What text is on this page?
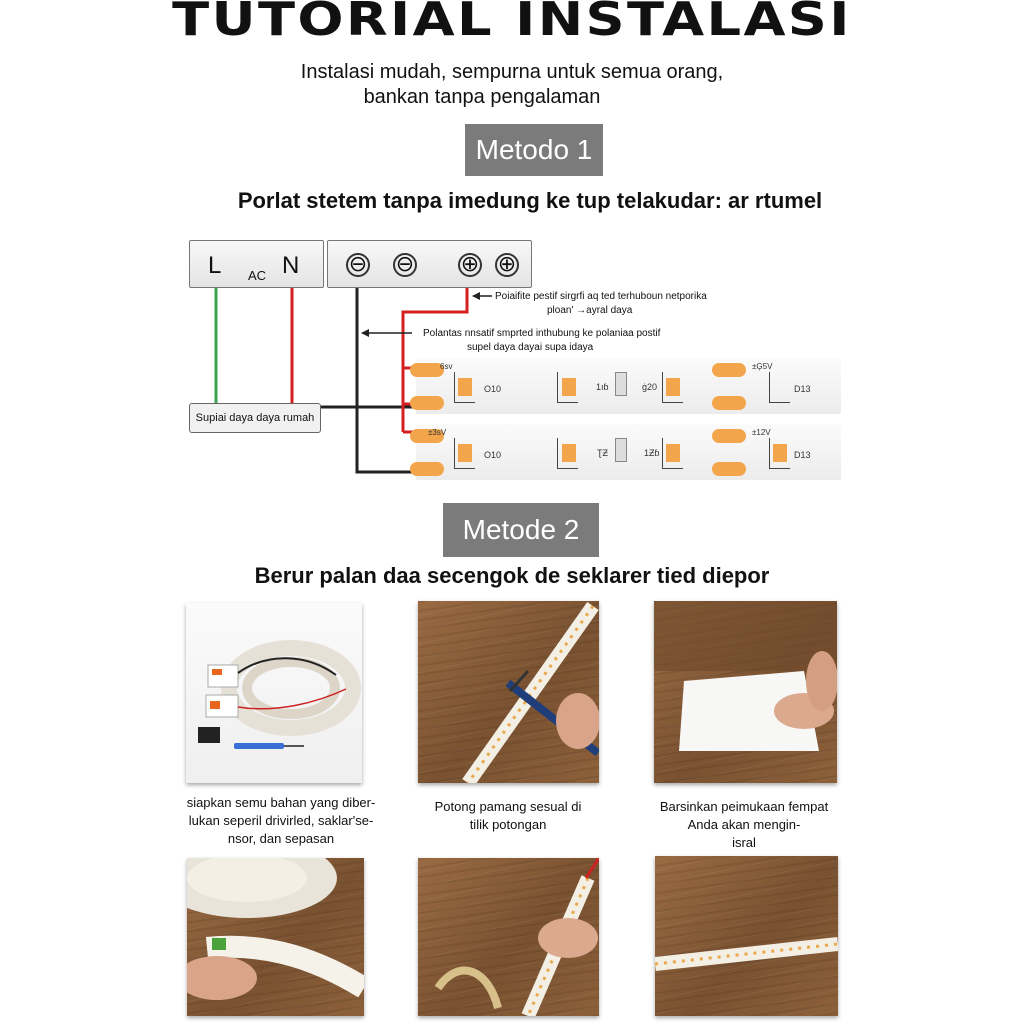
TUTORIAL INSTALASI
Instalasi mudah, sempurna untuk semua orang,
bankan tanpa pengalaman
Metodo 1
Porlat stetem tanpa imedung ke tup telakudar: ar rtumel
L AC N ⊖ ⊖ ⊕ ⊕
Poiaifite pestif sirgrfi aq ted terhuboun netporika
ploan' →ayral daya
Polantas nnsatif smprted inthubung ke polaniaa postif
supel daya dayai supa idaya
Supiai daya daya rumah
6sv
O10	1ıɓ	ġ20
±Ģ5V
D13
±3sV
O10	ƮƵ	1Ƶɓ
±12V
D13
Metode 2
Berur palan daa secengok de seklarer tied diepor
siapkan semu bahan yang diber-
lukan seperil drivirled, saklar'se-
nsor, dan sepasan
Potong pamang sesual di
tilik potongan
Barsinkan peimukaan fempat
Anda akan mengin-
isral
